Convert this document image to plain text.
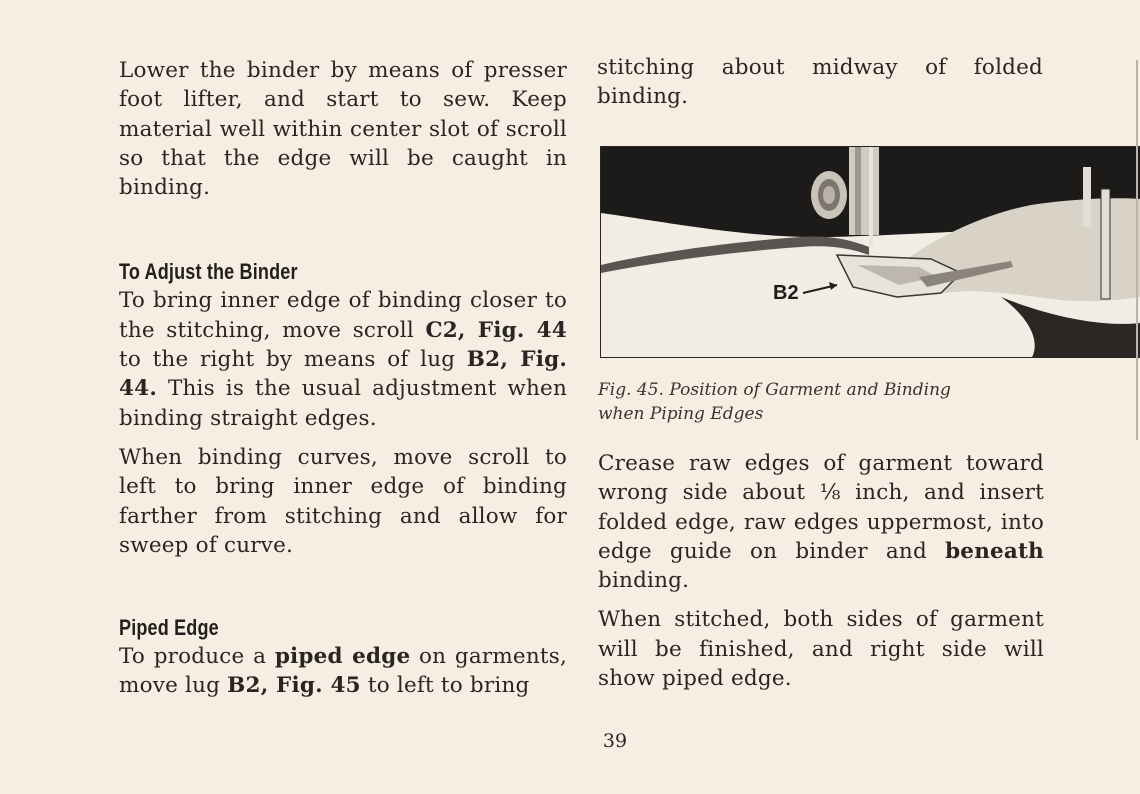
Lower the binder by means of presser foot lifter, and start to sew. Keep material well within center slot of scroll so that the edge will be caught in binding.

To Adjust the Binder

To bring inner edge of binding closer to the stitching, move scroll C2, Fig. 44 to the right by means of lug B2, Fig. 44. This is the usual adjustment when binding straight edges.

When binding curves, move scroll to left to bring inner edge of binding farther from stitching and allow for sweep of curve.

Piped Edge

To produce a piped edge on garments, move lug B2, Fig. 45 to left to bring

stitching about midway of folded binding.

B2
Fig. 45. Position of Garment and Binding
when Piping Edges

Crease raw edges of garment toward wrong side about ⅛ inch, and insert folded edge, raw edges uppermost, into edge guide on binder and beneath binding.

When stitched, both sides of garment will be finished, and right side will show piped edge.

39
